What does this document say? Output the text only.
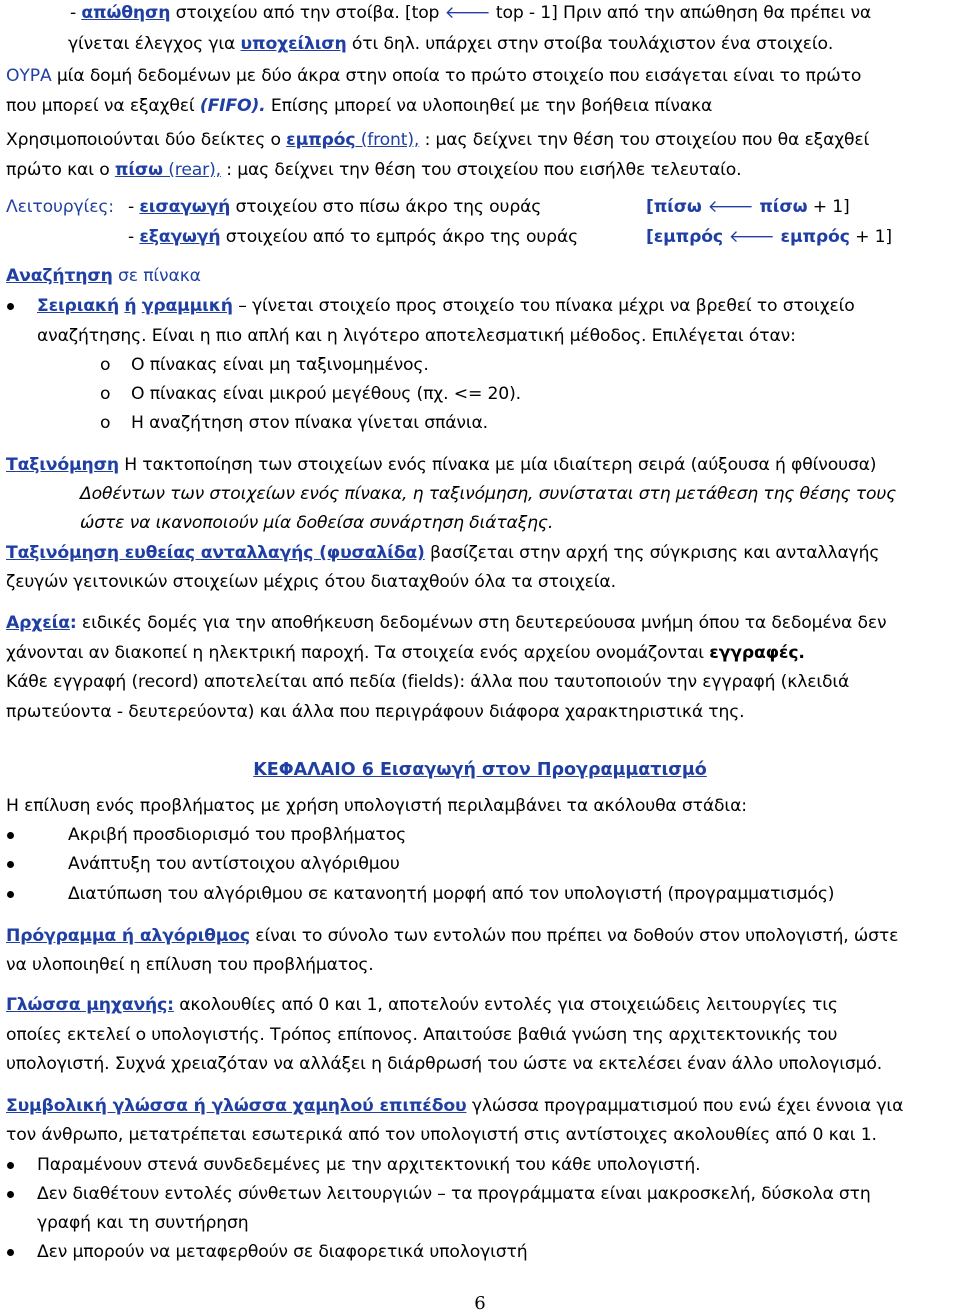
- απώθηση στοιχείου από την στοίβα. [top 🡐 top - 1] Πριν από την απώθηση θα πρέπει να
γίνεται έλεγχος για υποχείλιση ότι δηλ. υπάρχει στην στοίβα τουλάχιστον ένα στοιχείο.
ΟΥΡΑ μία δομή δεδομένων με δύο άκρα στην οποία το πρώτο στοιχείο που εισάγεται είναι το πρώτο
που μπορεί να εξαχθεί (FIFO). Επίσης μπορεί να υλοποιηθεί με την βοήθεια πίνακα
Χρησιμοποιούνται δύο δείκτες ο εμπρός (front), : μας δείχνει την θέση του στοιχείου που θα εξαχθεί
πρώτο και ο πίσω (rear), : μας δείχνει την θέση του στοιχείου που εισήλθε τελευταίο.
Λειτουργίες: - εισαγωγή στοιχείου στο πίσω άκρο της ουράς	[πίσω 🡐 πίσω + 1]
- εξαγωγή στοιχείου από το εμπρός άκρο της ουράς	[εμπρός 🡐 εμπρός + 1]
Αναζήτηση σε πίνακα
Σειριακή ή γραμμική – γίνεται στοιχείο προς στοιχείο του πίνακα μέχρι να βρεθεί το στοιχείο
αναζήτησης. Είναι η πιο απλή και η λιγότερο αποτελεσματική μέθοδος. Επιλέγεται όταν:
o Ο πίνακας είναι μη ταξινομημένος.
o Ο πίνακας είναι μικρού μεγέθους (πχ. <= 20).
o Η αναζήτηση στον πίνακα γίνεται σπάνια.
Ταξινόμηση Η τακτοποίηση των στοιχείων ενός πίνακα με μία ιδιαίτερη σειρά (αύξουσα ή φθίνουσα)
Δοθέντων των στοιχείων ενός πίνακα, η ταξινόμηση, συνίσταται στη μετάθεση της θέσης τους
ώστε να ικανοποιούν μία δοθείσα συνάρτηση διάταξης.
Ταξινόμηση ευθείας ανταλλαγής (φυσαλίδα) βασίζεται στην αρχή της σύγκρισης και ανταλλαγής
ζευγών γειτονικών στοιχείων μέχρις ότου διαταχθούν όλα τα στοιχεία.
Αρχεία: ειδικές δομές για την αποθήκευση δεδομένων στη δευτερεύουσα μνήμη όπου τα δεδομένα δεν
χάνονται αν διακοπεί η ηλεκτρική παροχή. Τα στοιχεία ενός αρχείου ονομάζονται εγγραφές.
Κάθε εγγραφή (record) αποτελείται από πεδία (fields): άλλα που ταυτοποιούν την εγγραφή (κλειδιά
πρωτεύοντα - δευτερεύοντα) και άλλα που περιγράφουν διάφορα χαρακτηριστικά της.
ΚΕΦΑΛΑΙΟ 6 Εισαγωγή στον Προγραμματισμό
Η επίλυση ενός προβλήματος με χρήση υπολογιστή περιλαμβάνει τα ακόλουθα στάδια:
Ακριβή προσδιορισμό του προβλήματος
Ανάπτυξη του αντίστοιχου αλγόριθμου
Διατύπωση του αλγόριθμου σε κατανοητή μορφή από τον υπολογιστή (προγραμματισμός)
Πρόγραμμα ή αλγόριθμος είναι το σύνολο των εντολών που πρέπει να δοθούν στον υπολογιστή, ώστε
να υλοποιηθεί η επίλυση του προβλήματος.
Γλώσσα μηχανής: ακολουθίες από 0 και 1, αποτελούν εντολές για στοιχειώδεις λειτουργίες τις
οποίες εκτελεί ο υπολογιστής. Τρόπος επίπονος. Απαιτούσε βαθιά γνώση της αρχιτεκτονικής του
υπολογιστή. Συχνά χρειαζόταν να αλλάξει η διάρθρωσή του ώστε να εκτελέσει έναν άλλο υπολογισμό.
Συμβολική γλώσσα ή γλώσσα χαμηλού επιπέδου γλώσσα προγραμματισμού που ενώ έχει έννοια για
τον άνθρωπο, μετατρέπεται εσωτερικά από τον υπολογιστή στις αντίστοιχες ακολουθίες από 0 και 1.
Παραμένουν στενά συνδεδεμένες με την αρχιτεκτονική του κάθε υπολογιστή.
Δεν διαθέτουν εντολές σύνθετων λειτουργιών – τα προγράμματα είναι μακροσκελή, δύσκολα στη
γραφή και τη συντήρηση
Δεν μπορούν να μεταφερθούν σε διαφορετικά υπολογιστή
6
